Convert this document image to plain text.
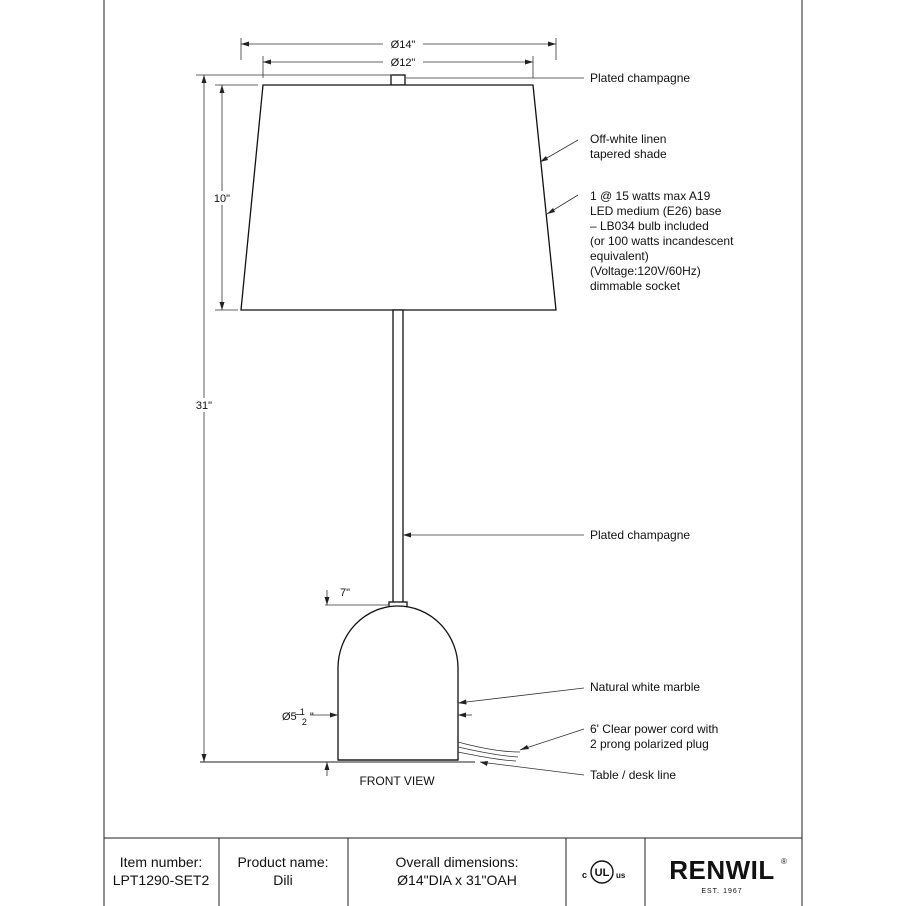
Ø14"
Ø12"
10"
31"
7"
Ø5 $^1$ 2 "
Plated champagne
Off-white linen tapered shade
1 @ 15 watts max A19 LED medium (E26) base – LB034 bulb included (or 100 watts incandescent equivalent) (Voltage:120V/60Hz) dimmable socket
Plated champagne
Natural white marble
6' Clear power cord with 2 prong polarized plug
Table / desk line
FRONT VIEW
Item number:
LPT1290-SET2
Product name:
Dili
Overall dimensions:
Ø14"DIA x 31"OAH	UL
c	us RENWIL ®
EST. 1967
